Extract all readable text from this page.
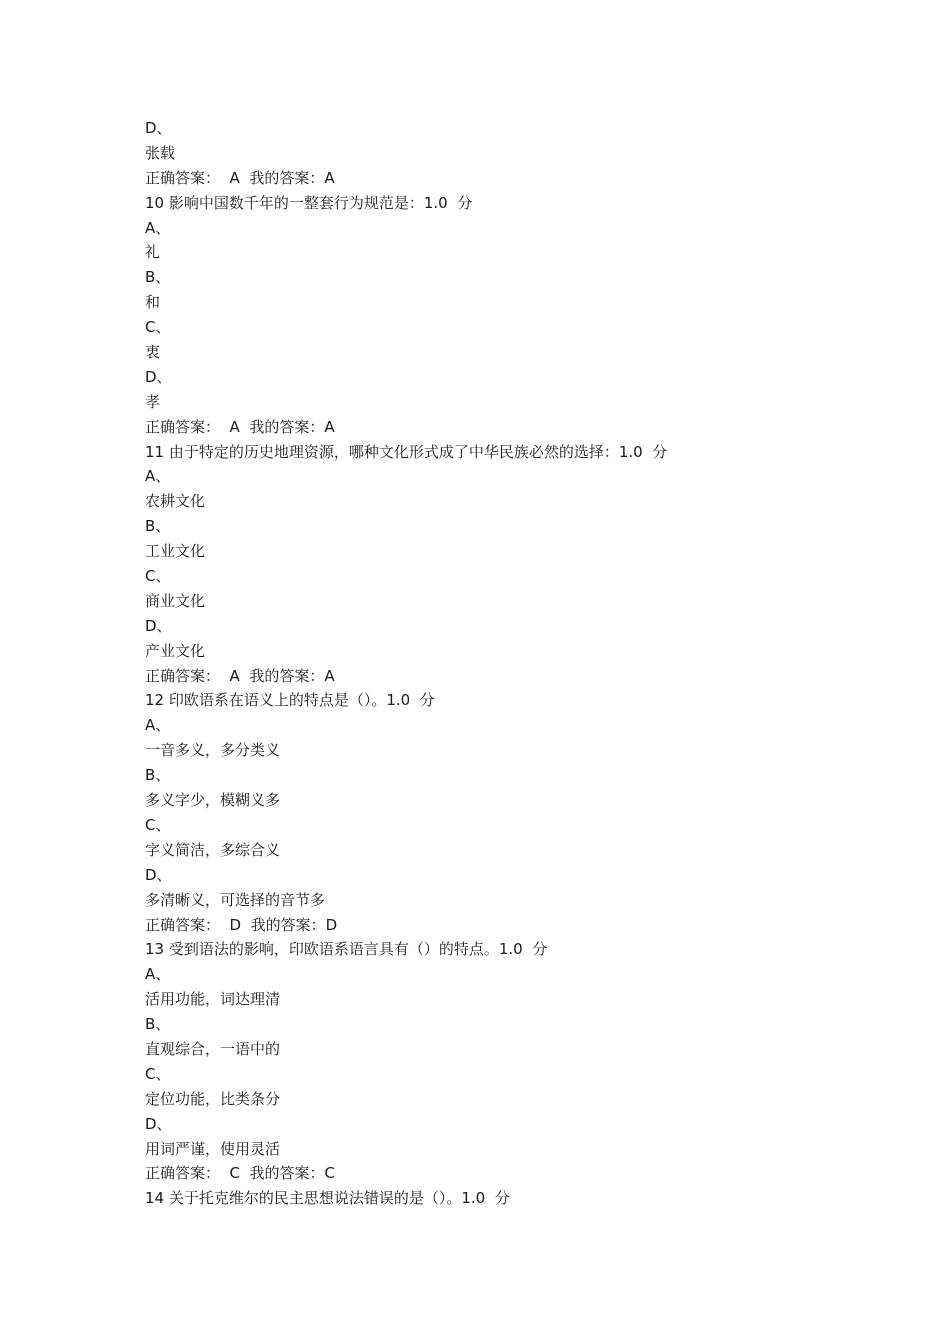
D、
张载
正确答案：  A  我的答案：A
10 影响中国数千年的一整套行为规范是：1.0  分
A、
礼
B、
和
C、
衷
D、
孝
正确答案：  A  我的答案：A
11 由于特定的历史地理资源，哪种文化形式成了中华民族必然的选择：1.0  分
A、
农耕文化
B、
工业文化
C、
商业文化
D、
产业文化
正确答案：  A  我的答案：A
12 印欧语系在语义上的特点是（）。1.0  分
A、
一音多义，多分类义
B、
多义字少，模糊义多
C、
字义简洁，多综合义
D、
多清晰义，可选择的音节多
正确答案：  D  我的答案：D
13 受到语法的影响，印欧语系语言具有（）的特点。1.0  分
A、
活用功能，词达理清
B、
直观综合，一语中的
C、
定位功能，比类条分
D、
用词严谨，使用灵活
正确答案：  C  我的答案：C
14 关于托克维尔的民主思想说法错误的是（）。1.0  分
